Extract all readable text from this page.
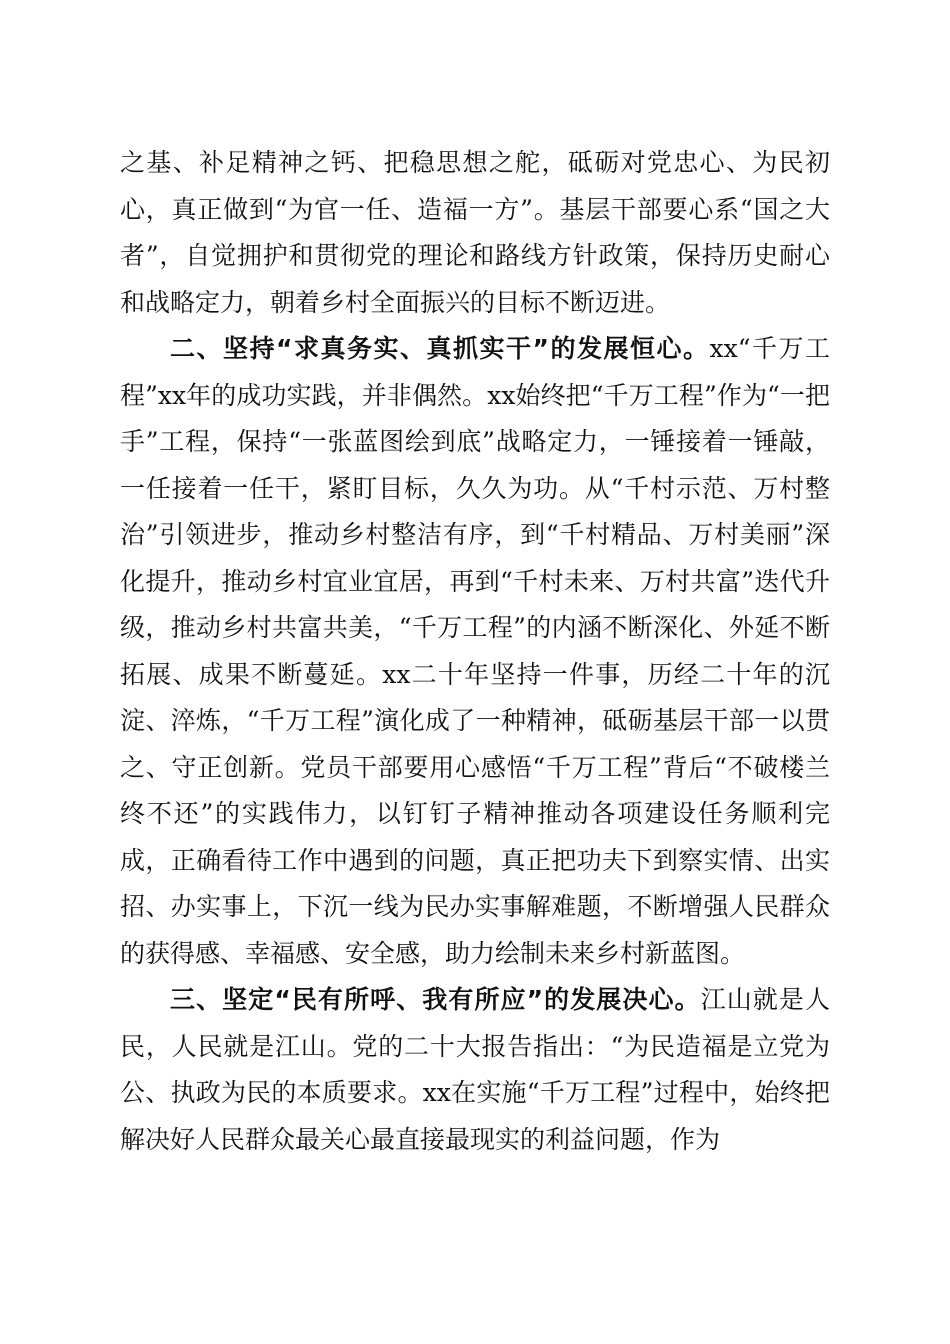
之基、补足精神之钙、把稳思想之舵，砥砺对党忠心、为民初心，真正做到“为官一任、造福一方”。基层干部要心系“国之大者”，自觉拥护和贯彻党的理论和路线方针政策，保持历史耐心和战略定力，朝着乡村全面振兴的目标不断迈进。

二、坚持“求真务实、真抓实干”的发展恒心。xx“千万工程”xx年的成功实践，并非偶然。xx始终把“千万工程”作为“一把手”工程，保持“一张蓝图绘到底”战略定力，一锤接着一锤敲，一任接着一任干，紧盯目标，久久为功。从“千村示范、万村整治”引领进步，推动乡村整洁有序，到“千村精品、万村美丽”深化提升，推动乡村宜业宜居，再到“千村未来、万村共富”迭代升级，推动乡村共富共美，“千万工程”的内涵不断深化、外延不断拓展、成果不断蔓延。xx二十年坚持一件事，历经二十年的沉淀、淬炼，“千万工程”演化成了一种精神，砥砺基层干部一以贯之、守正创新。党员干部要用心感悟“千万工程”背后“不破楼兰终不还”的实践伟力，以钉钉子精神推动各项建设任务顺利完成，正确看待工作中遇到的问题，真正把功夫下到察实情、出实招、办实事上，下沉一线为民办实事解难题，不断增强人民群众的获得感、幸福感、安全感，助力绘制未来乡村新蓝图。

三、坚定“民有所呼、我有所应”的发展决心。江山就是人民，人民就是江山。党的二十大报告指出：“为民造福是立党为公、执政为民的本质要求。xx在实施“千万工程”过程中，始终把解决好人民群众最关心最直接最现实的利益问题，作为
